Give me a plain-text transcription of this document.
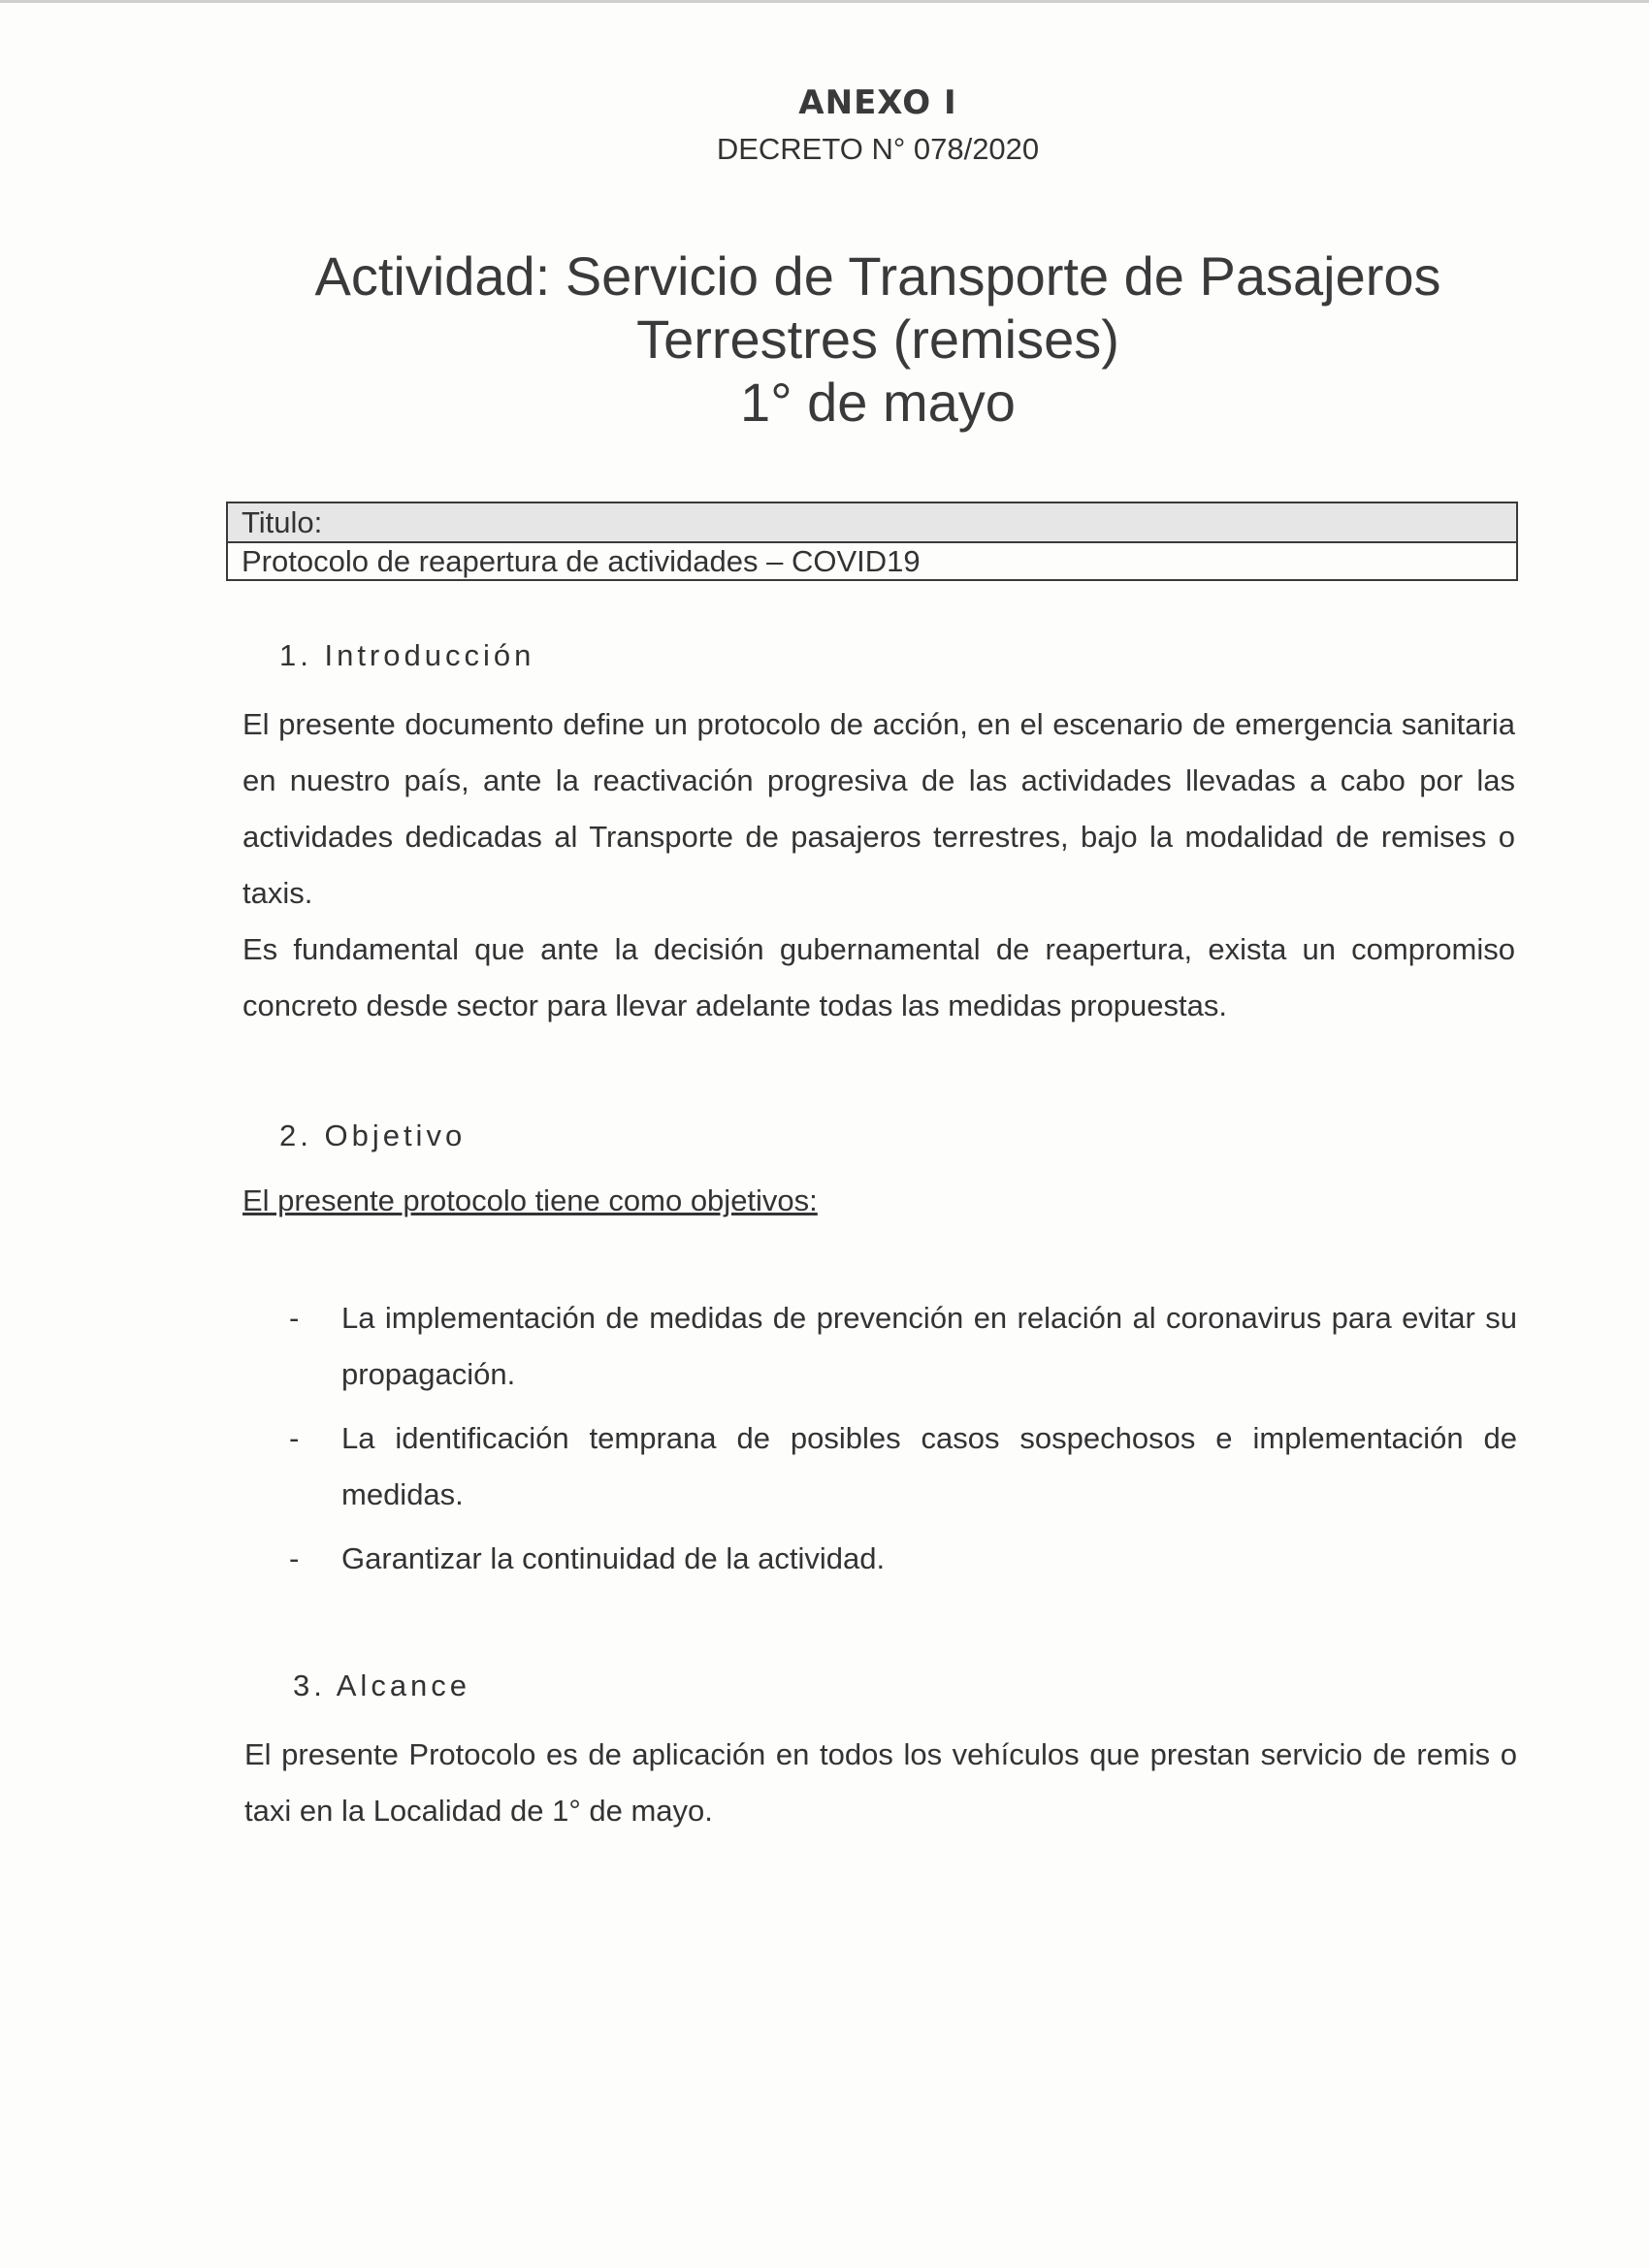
ANEXO I
DECRETO N° 078/2020
Actividad: Servicio de Transporte de Pasajeros
Terrestres (remises)
1° de mayo
Titulo:
Protocolo de reapertura de actividades – COVID19
1. Introducción

El presente documento define un protocolo de acción, en el escenario de emergencia sanitaria en nuestro país, ante la reactivación progresiva de las actividades llevadas a cabo por las actividades dedicadas al Transporte de pasajeros terrestres, bajo la modalidad de remises o taxis.

Es fundamental que ante la decisión gubernamental de reapertura, exista un compromiso concreto desde sector para llevar adelante todas las medidas propuestas.

2. Objetivo
El presente protocolo tiene como objetivos:
- La implementación de medidas de prevención en relación al coronavirus para evitar su propagación.
- La identificación temprana de posibles casos sospechosos e implementación de medidas.
- Garantizar la continuidad de la actividad.
3. Alcance

El presente Protocolo es de aplicación en todos los vehículos que prestan servicio de remis o taxi en la Localidad de 1° de mayo.
